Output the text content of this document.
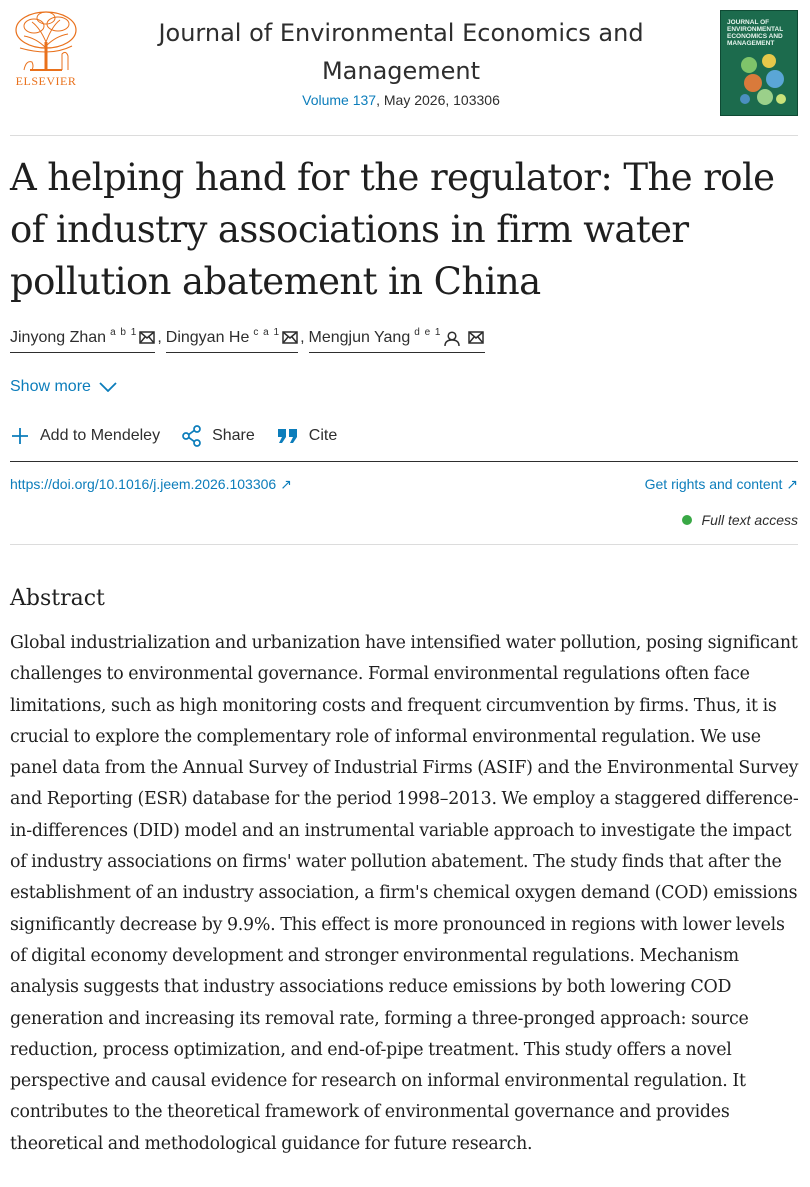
ELSEVIER
Journal of Environmental Economics and Management
Volume 137, May 2026, 103306
JOURNAL OF ENVIRONMENTAL ECONOMICS AND MANAGEMENT
A helping hand for the regulator: The role of industry associations in firm water pollution abatement in China
Jinyong Zhan a b 1 , Dingyan He c a 1 , Mengjun Yang d e 1
Show more
Add to Mendeley	Share	Cite
https://doi.org/10.1016/j.jeem.2026.103306 ↗	Get rights and content ↗
Full text access
Abstract

Global industrialization and urbanization have intensified water pollution, posing significant challenges to environmental governance. Formal environmental regulations often face limitations, such as high monitoring costs and frequent circumvention by firms. Thus, it is crucial to explore the complementary role of informal environmental regulation. We use panel data from the Annual Survey of Industrial Firms (ASIF) and the Environmental Survey and Reporting (ESR) database for the period 1998–2013. We employ a staggered difference-in-differences (DID) model and an instrumental variable approach to investigate the impact of industry associations on firms' water pollution abatement. The study finds that after the establishment of an industry association, a firm's chemical oxygen demand (COD) emissions significantly decrease by 9.9%. This effect is more pronounced in regions with lower levels of digital economy development and stronger environmental regulations. Mechanism analysis suggests that industry associations reduce emissions by both lowering COD generation and increasing its removal rate, forming a three-pronged approach: source reduction, process optimization, and end-of-pipe treatment. This study offers a novel perspective and causal evidence for research on informal environmental regulation. It contributes to the theoretical framework of environmental governance and provides theoretical and methodological guidance for future research.
